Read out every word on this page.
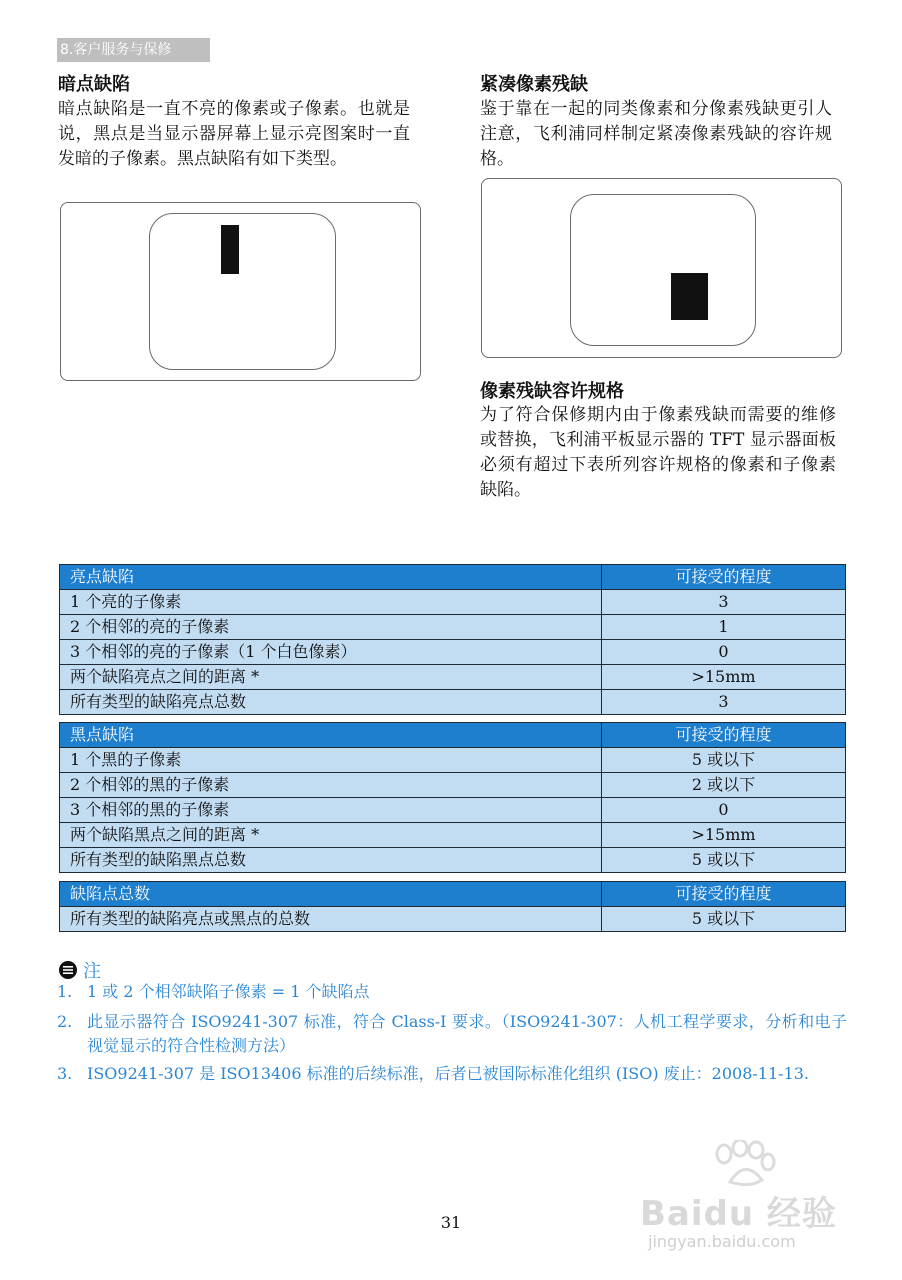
8.客户服务与保修
暗点缺陷
暗点缺陷是一直不亮的像素或子像素。也就是说，黑点是当显示器屏幕上显示亮图案时一直发暗的子像素。黑点缺陷有如下类型。
紧凑像素残缺
鉴于靠在一起的同类像素和分像素残缺更引人注意，飞利浦同样制定紧凑像素残缺的容许规格。
像素残缺容许规格
为了符合保修期内由于像素残缺而需要的维修或替换，飞利浦平板显示器的 TFT 显示器面板必须有超过下表所列容许规格的像素和子像素缺陷。
亮点缺陷	可接受的程度
1 个亮的子像素	3
2 个相邻的亮的子像素	1
3 个相邻的亮的子像素（1 个白色像素）	0
两个缺陷亮点之间的距离 *	>15mm
所有类型的缺陷亮点总数	3
黑点缺陷	可接受的程度
1 个黑的子像素	5 或以下
2 个相邻的黑的子像素	2 或以下
3 个相邻的黑的子像素	0
两个缺陷黑点之间的距离 *	>15mm
所有类型的缺陷黑点总数	5 或以下
缺陷点总数	可接受的程度
所有类型的缺陷亮点或黑点的总数	5 或以下
注
1. 1 或 2 个相邻缺陷子像素 = 1 个缺陷点
2. 此显示器符合 ISO9241-307 标准，符合 Class-I 要求。（ISO9241-307：人机工程学要求，分析和电子视觉显示的符合性检测方法）
3. ISO9241-307 是 ISO13406 标准的后续标准，后者已被国际标准化组织 (ISO) 废止：2008-11-13.
Baidu 经验
jingyan.baidu.com
31
